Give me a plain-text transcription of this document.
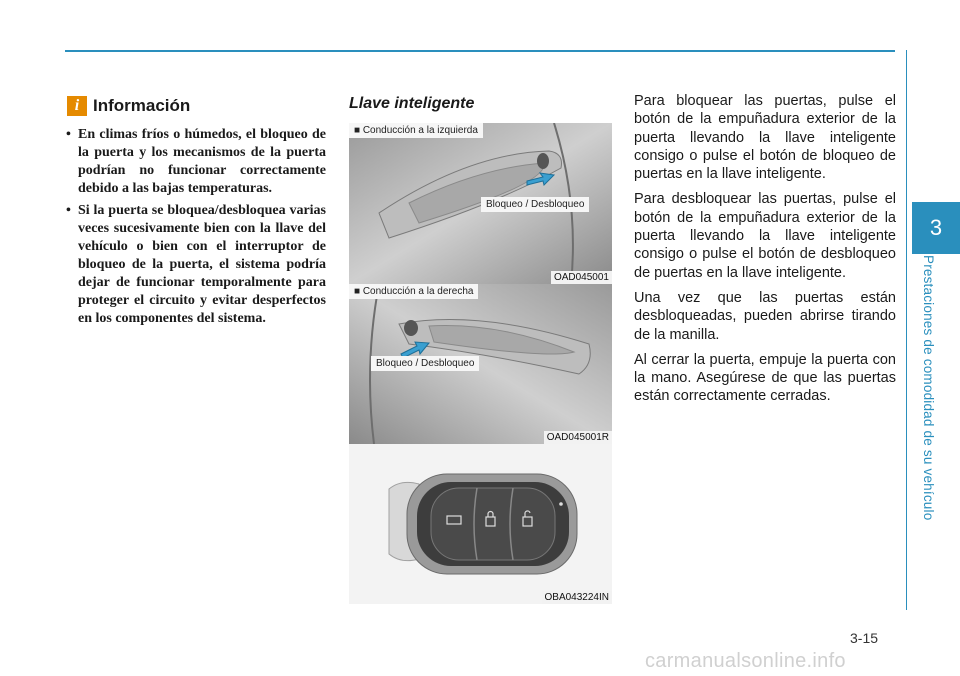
3
Prestaciones de comodidad de su vehículo
i Información
• En climas fríos o húmedos, el bloqueo de la puerta y los mecanismos de la puerta podrían no funcionar correctamente debido a las bajas temperaturas.
• Si la puerta se bloquea/desbloquea varias veces sucesivamente bien con la llave del vehículo o bien con el interruptor de bloqueo de la puerta, el sistema podría dejar de funcionar temporalmente para proteger el circuito y evitar desperfectos en los componentes del sistema.
Llave inteligente
■ Conducción a la izquierda
Bloqueo / Desbloqueo
OAD045001
■ Conducción a la derecha
Bloqueo / Desbloqueo
OAD045001R
OBA043224IN

Para bloquear las puertas, pulse el botón de la empuñadura exterior de la puerta llevando la llave inteligente consigo o pulse el botón de bloqueo de puertas en la llave inteligente.

Para desbloquear las puertas, pulse el botón de la empuñadura exterior de la puerta llevando la llave inteligente consigo o pulse el botón de desbloqueo de puertas en la llave inteligente.

Una vez que las puertas están desbloqueadas, pueden abrirse tirando de la manilla.

Al cerrar la puerta, empuje la puerta con la mano. Asegúrese de que las puertas están correctamente cerradas.

3-15
carmanualsonline.info
